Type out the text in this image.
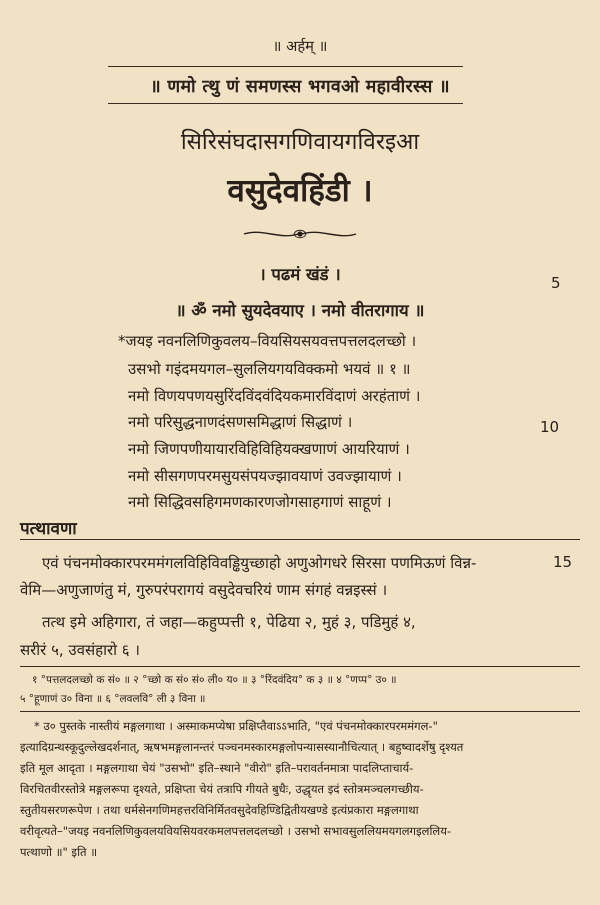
॥ अर्हम् ॥
॥ णमो त्थु णं समणस्स भगवओ महावीरस्स ॥
सिरिसंघदासगणिवायगविरइआ
वसुदेवहिंडी ।
। पढमं खंडं ।
॥ ॐ नमो सुयदेवयाए । नमो वीतरागाय ॥
*जयइ नवनलिणिकुवलय–वियसियसयवत्तपत्तलदलच्छो ।
उसभो गइंदमयगल–सुललियगयविक्कमो भयवं ॥ १ ॥
नमो विणयपणयसुरिंदविंदवंदियकमारविंदाणं अरहंताणं ।
नमो परिसुद्धनाणदंसणसमिद्धाणं सिद्धाणं ।
नमो जिणपणीयायारविहिविहियक्खणाणं आयरियाणं ।
नमो सीसगणपरमसुयसंपयज्झावयाणं उवज्झायाणं ।
नमो सिद्धिवसहिगमणकारणजोगसाहगाणं साहूणं ।
5
10
पत्थावणा
एवं पंचनमोक्कारपरममंगलविहिविवड्ढियुच्छाहो अणुओगधरे सिरसा पणमिऊणं विन्न-	15
वेमि—अणुजाणंतु मं, गुरुपरंपरागयं वसुदेवचरियं णाम संगहं वन्नइस्सं ।
तत्थ इमे अहिगारा, तं जहा—कहुप्पत्ती १, पेढिया २, मुहं ३, पडिमुहं ४,
सरीरं ५, उवसंहारो ६ ।
१ °पत्तलदलच्छो क सं० ॥ २ °च्छो क सं० सं० ली० य० ॥ ३ °रिंदवंदिय° क ३ ॥ ४ °णप्प° उ० ॥
५ °हूणाणं उ० विना ॥ ६ °लवलवि° ली ३ विना ॥
* उ० पुस्तके नास्तीयं मङ्गलगाथा । अस्माकमप्येषा प्रक्षिप्तैवाऽऽभाति, "एवं पंचनमोक्कारपरममंगल-"
इत्यादिग्रन्थस्कूदुल्लेखदर्शनात्, ऋषभमङ्गलानन्तरं पञ्चनमस्कारमङ्गलोपन्यासस्यानौचित्यात् । बहुष्वादर्शेषु दृश्यत
इति मूल आदृता । मङ्गलगाथा चेयं "उसभो" इति–स्थाने "वीरो" इति–परावर्तनमात्रा पादलिप्ताचार्य-
विरचितवीरस्तोत्रे मङ्गलरूपा दृश्यते, प्रक्षिप्ता चेयं तत्रापि गीयते बुधैः, उद्धृयत इदं स्तोत्रमञ्चलगच्छीय-
स्तुतीयसरणरूपेण । तथा धर्मसेनगणिमहत्तरविनिर्मितवसुदेवहिण्डिद्वितीयखण्डे इत्यंप्रकारा मङ्गलगाथा
वरीवृत्यते–"जयइ नवनलिणिकुवलयवियसियवरकमलपत्तलदलच्छो । उसभो सभावसुललियमयगलगइललिय-
पत्थाणो ॥" इति ॥
